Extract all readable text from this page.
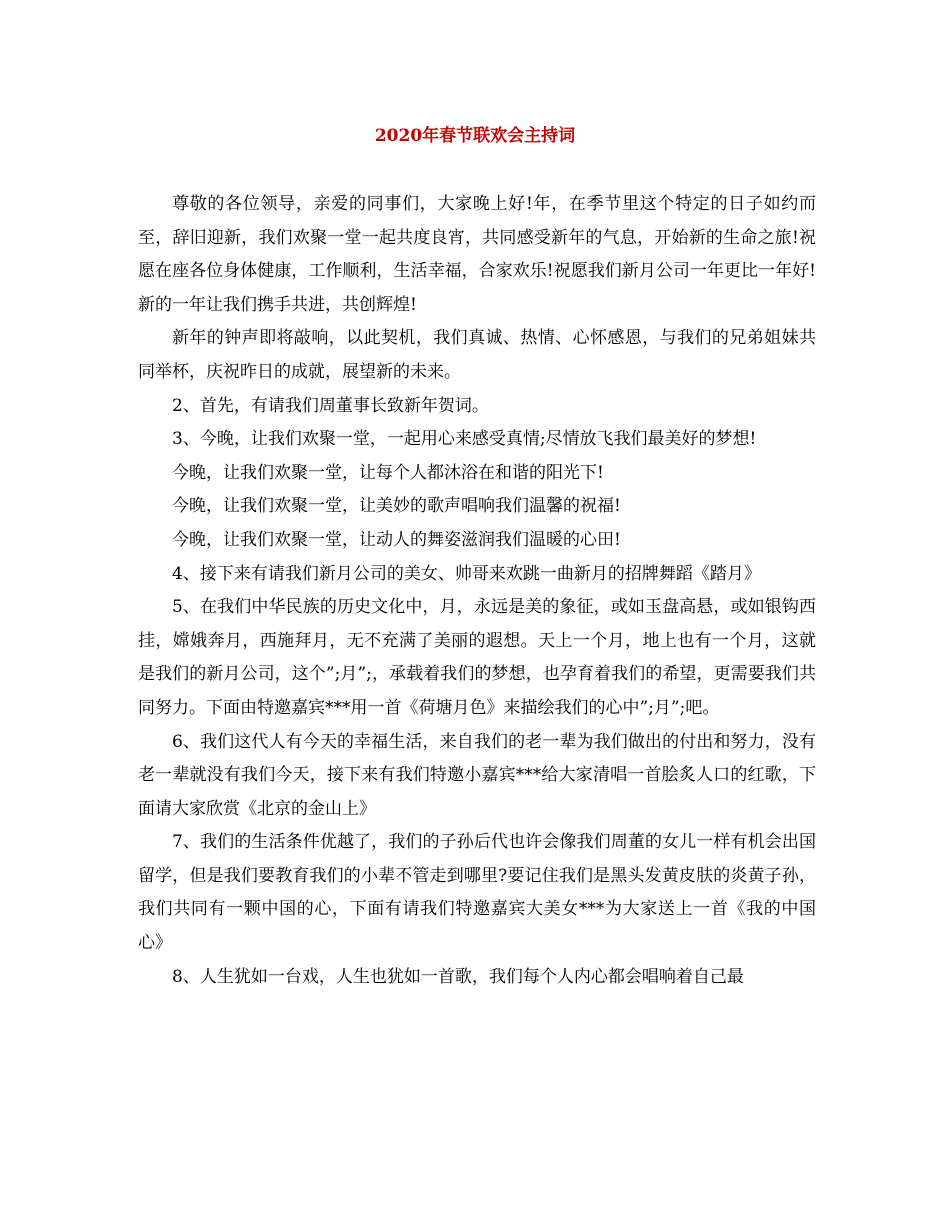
2020年春节联欢会主持词

尊敬的各位领导，亲爱的同事们，大家晚上好!年，在季节里这个特定的日子如约而至，辞旧迎新，我们欢聚一堂一起共度良宵，共同感受新年的气息，开始新的生命之旅!祝愿在座各位身体健康，工作顺利，生活幸福，合家欢乐!祝愿我们新月公司一年更比一年好!新的一年让我们携手共进，共创辉煌!

新年的钟声即将敲响，以此契机，我们真诚、热情、心怀感恩，与我们的兄弟姐妹共同举杯，庆祝昨日的成就，展望新的未来。

2、首先，有请我们周董事长致新年贺词。

3、今晚，让我们欢聚一堂，一起用心来感受真情;尽情放飞我们最美好的梦想!

今晚，让我们欢聚一堂，让每个人都沐浴在和谐的阳光下!

今晚，让我们欢聚一堂，让美妙的歌声唱响我们温馨的祝福!

今晚，让我们欢聚一堂，让动人的舞姿滋润我们温暖的心田!

4、接下来有请我们新月公司的美女、帅哥来欢跳一曲新月的招牌舞蹈《踏月》

5、在我们中华民族的历史文化中，月，永远是美的象征，或如玉盘高悬，或如银钩西挂，嫦娥奔月，西施拜月，无不充满了美丽的遐想。天上一个月，地上也有一个月，这就是我们的新月公司，这个”;月”;，承载着我们的梦想，也孕育着我们的希望，更需要我们共同努力。下面由特邀嘉宾***用一首《荷塘月色》来描绘我们的心中”;月”;吧。

6、我们这代人有今天的幸福生活，来自我们的老一辈为我们做出的付出和努力，没有老一辈就没有我们今天，接下来有我们特邀小嘉宾***给大家清唱一首脍炙人口的红歌，下面请大家欣赏《北京的金山上》

7、我们的生活条件优越了，我们的子孙后代也许会像我们周董的女儿一样有机会出国留学，但是我们要教育我们的小辈不管走到哪里?要记住我们是黑头发黄皮肤的炎黄子孙，我们共同有一颗中国的心，下面有请我们特邀嘉宾大美女***为大家送上一首《我的中国心》

8、人生犹如一台戏，人生也犹如一首歌，我们每个人内心都会唱响着自己最
